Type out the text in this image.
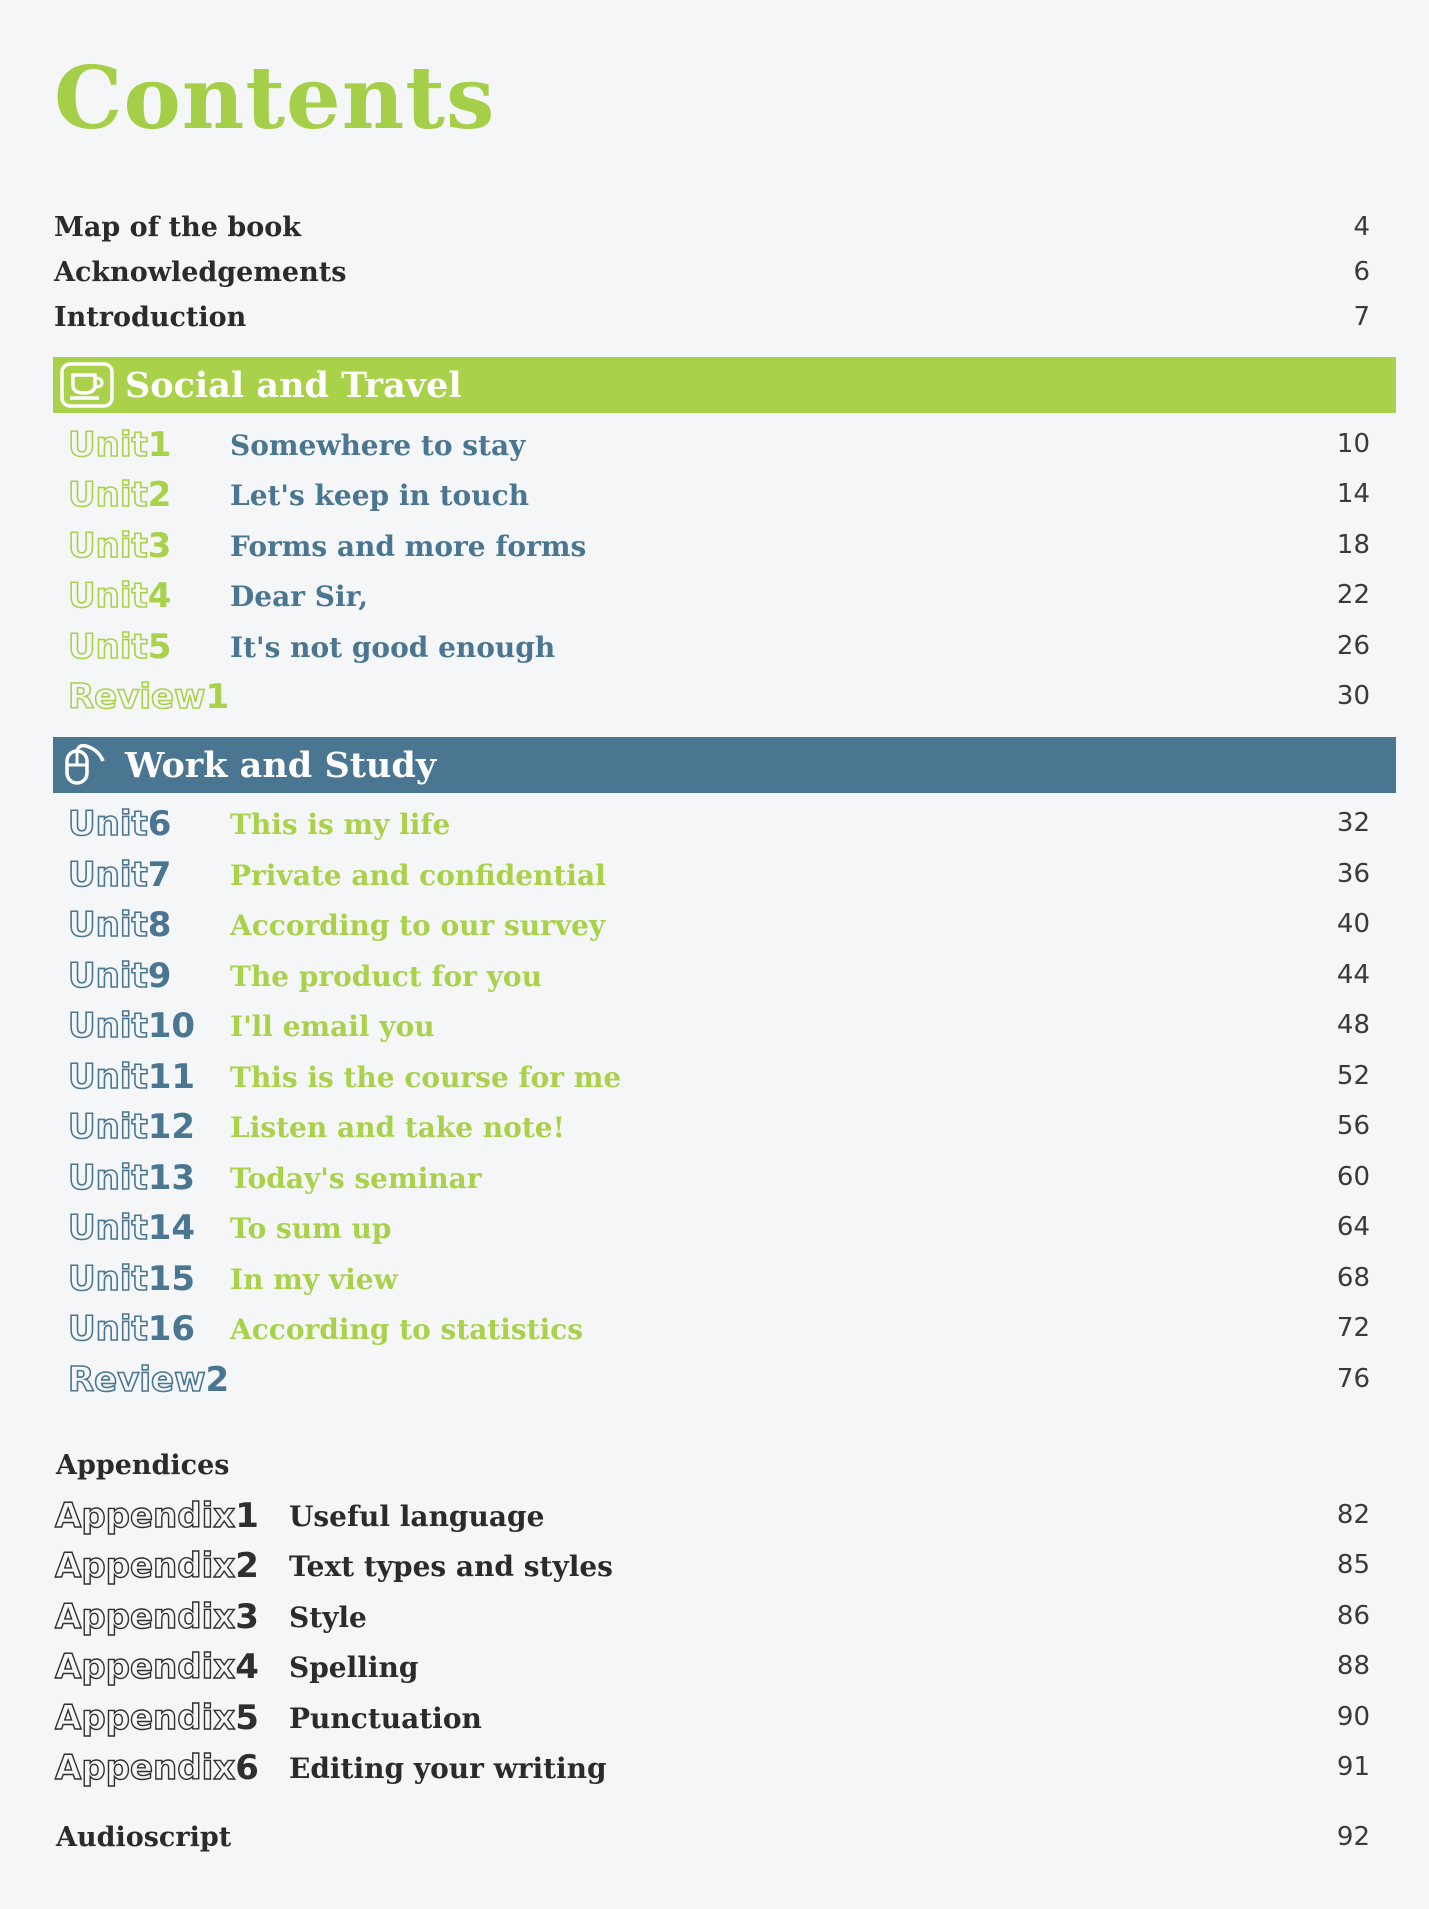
Contents
Map of the book	4
Acknowledgements	6
Introduction	7
Social and Travel
Unit1 Somewhere to stay	10
Unit2 Let's keep in touch	14
Unit3 Forms and more forms	18
Unit4 Dear Sir,	22
Unit5 It's not good enough	26
Review1	30
Work and Study
Unit6 This is my life	32
Unit7 Private and confidential	36
Unit8 According to our survey	40
Unit9 The product for you	44
Unit10 I'll email you	48
Unit11 This is the course for me	52
Unit12 Listen and take note!	56
Unit13 Today's seminar	60
Unit14 To sum up	64
Unit15 In my view	68
Unit16 According to statistics	72
Review2	76
Appendices
Appendix1 Useful language	82
Appendix2 Text types and styles	85
Appendix3 Style	86
Appendix4 Spelling	88
Appendix5 Punctuation	90
Appendix6 Editing your writing	91
Audioscript	92
